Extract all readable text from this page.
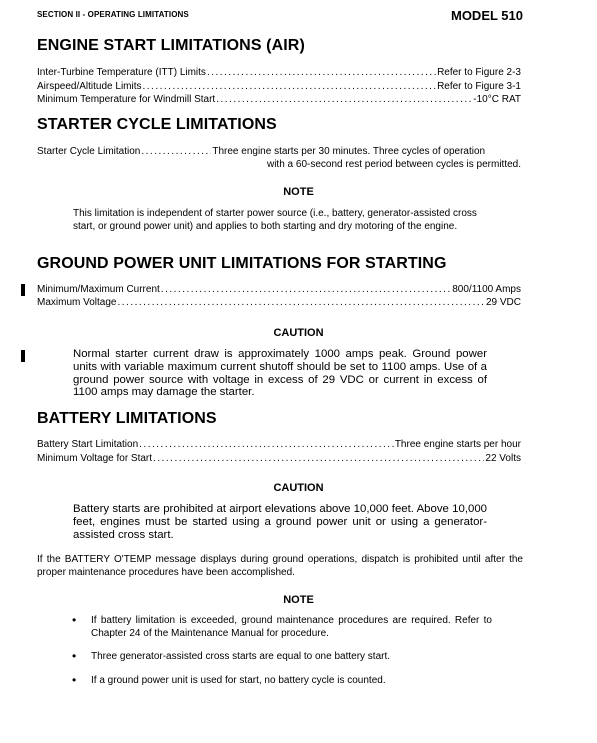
SECTION II - OPERATING LIMITATIONS	MODEL 510
ENGINE START LIMITATIONS (AIR)
Inter-Turbine Temperature (ITT) Limits .....	Refer to Figure 2-3
Airspeed/Altitude Limits .....	Refer to Figure 3-1
Minimum Temperature for Windmill Start .....	-10°C RAT
STARTER CYCLE LIMITATIONS
Starter Cycle Limitation .....	Three engine starts per 30 minutes. Three cycles of operation
with a 60-second rest period between cycles is permitted.
NOTE
This limitation is independent of starter power source (i.e., battery, generator-assisted cross start, or ground power unit) and applies to both starting and dry motoring of the engine.
GROUND POWER UNIT LIMITATIONS FOR STARTING
Minimum/Maximum Current .....	800/1100 Amps
Maximum Voltage .....	29 VDC
CAUTION
Normal starter current draw is approximately 1000 amps peak. Ground power units with variable maximum current shutoff should be set to 1100 amps. Use of a ground power source with voltage in excess of 29 VDC or current in excess of 1100 amps may damage the starter.
BATTERY LIMITATIONS
Battery Start Limitation .....	Three engine starts per hour
Minimum Voltage for Start .....	22 Volts
CAUTION
Battery starts are prohibited at airport elevations above 10,000 feet. Above 10,000 feet, engines must be started using a ground power unit or using a generator-assisted cross start.
If the BATTERY O'TEMP message displays during ground operations, dispatch is prohibited until after the proper maintenance procedures have been accomplished.
NOTE
•	If battery limitation is exceeded, ground maintenance procedures are required. Refer to Chapter 24 of the Maintenance Manual for procedure.
•	Three generator-assisted cross starts are equal to one battery start.
•	If a ground power unit is used for start, no battery cycle is counted.
